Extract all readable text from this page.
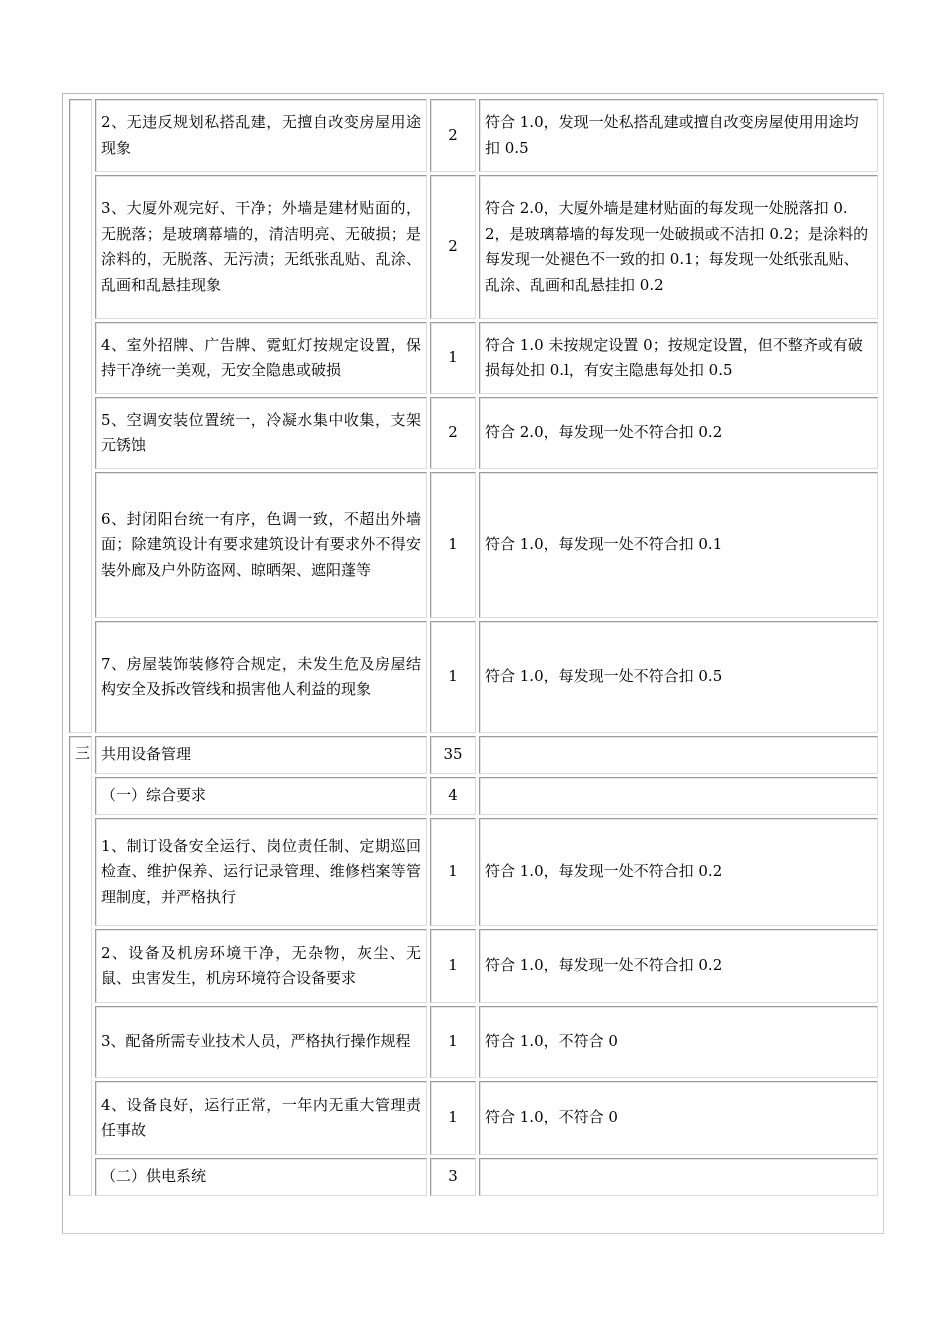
	2、无违反规划私搭乱建，无擅自改变房屋用途现象	2	符合 1.0，发现一处私搭乱建或擅自改变房屋使用用途均扣 0.5
	3、大厦外观完好、干净；外墙是建材贴面的，无脱落；是玻璃幕墙的，清洁明亮、无破损；是涂料的，无脱落、无污渍；无纸张乱贴、乱涂、乱画和乱悬挂现象	2	符合 2.0，大厦外墙是建材贴面的每发现一处脱落扣 0.2，是玻璃幕墙的每发现一处破损或不洁扣 0.2；是涂料的每发现一处褪色不一致的扣 0.1；每发现一处纸张乱贴、乱涂、乱画和乱悬挂扣 0.2
	4、室外招牌、广告牌、霓虹灯按规定设置，保持干净统一美观，无安全隐患或破损	1	符合 1.0 未按规定设置 0；按规定设置，但不整齐或有破损每处扣 0.l，有安主隐患每处扣 0.5
	5、空调安装位置统一，冷凝水集中收集，支架元锈蚀	2	符合 2.0，每发现一处不符合扣 0.2
	6、封闭阳台统一有序，色调一致，不超出外墙面；除建筑设计有要求建筑设计有要求外不得安装外廊及户外防盗网、晾晒架、遮阳蓬等	1	符合 1.0，每发现一处不符合扣 0.1
	7、房屋装饰装修符合规定，未发生危及房屋结构安全及拆改管线和损害他人利益的现象	1	符合 1.0，每发现一处不符合扣 0.5
三	共用设备管理	35	
	（一）综合要求	4	
	1、制订设备安全运行、岗位责任制、定期巡回检查、维护保养、运行记录管理、维修档案等管理制度，并严格执行	1	符合 1.0，每发现一处不符合扣 0.2
	2、设备及机房环境干净，无杂物，灰尘、无鼠、虫害发生，机房环境符合设备要求	1	符合 1.0，每发现一处不符合扣 0.2
	3、配备所需专业技术人员，严格执行操作规程	1	符合 1.0，不符合 0
	4、设备良好，运行正常，一年内无重大管理责任事故	1	符合 1.0，不符合 0
	（二）供电系统	3	
